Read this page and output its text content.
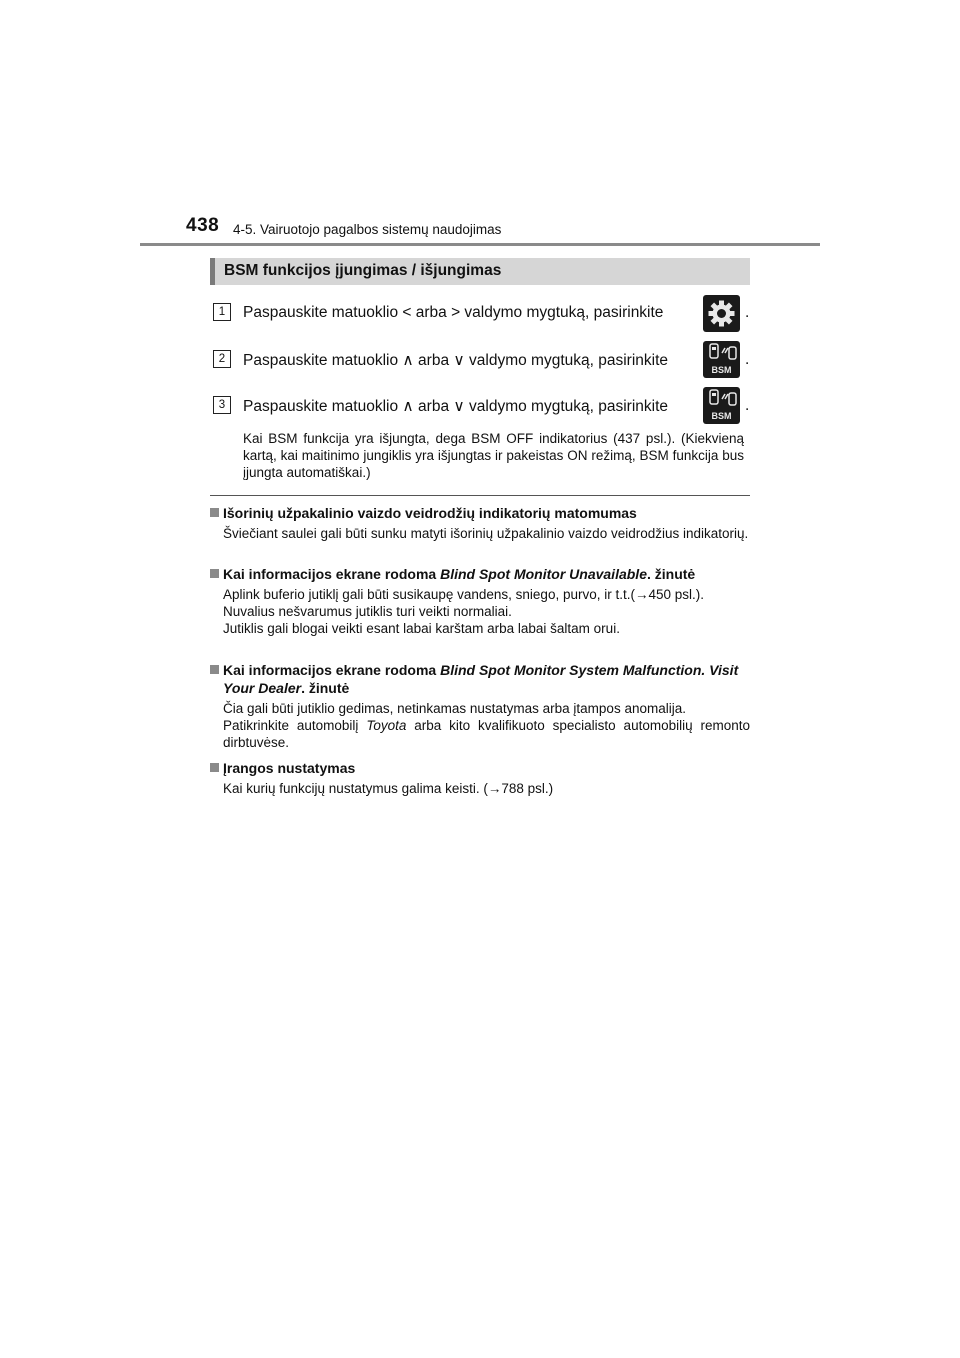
438 4-5. Vairuotojo pagalbos sistemų naudojimas
BSM funkcijos įjungimas / išjungimas
1	Paspauskite matuoklio < arba > valdymo mygtuką, pasirinkite	.
2	Paspauskite matuoklio ∧ arba ∨ valdymo mygtuką, pasirinkite
BSM
.
3	Paspauskite matuoklio ∧ arba ∨ valdymo mygtuką, pasirinkite
BSM
.
Kai BSM funkcija yra išjungta, dega BSM OFF indikatorius (437 psl.). (Kiekvieną kartą, kai maitinimo jungiklis yra išjungtas ir pakeistas ON režimą, BSM funkcija bus įjungta automatiškai.)
Išorinių užpakalinio vaizdo veidrodžių indikatorių matomumas
Šviečiant saulei gali būti sunku matyti išorinių užpakalinio vaizdo veidrodžius indikatorių.
Kai informacijos ekrane rodoma Blind Spot Monitor Unavailable. žinutė
Aplink buferio jutiklį gali būti susikaupę vandens, sniego, purvo, ir t.t.(→450 psl.).
Nuvalius nešvarumus jutiklis turi veikti normaliai.
Jutiklis gali blogai veikti esant labai karštam arba labai šaltam orui.
Kai informacijos ekrane rodoma Blind Spot Monitor System Malfunction. Visit Your Dealer. žinutė
Čia gali būti jutiklio gedimas, netinkamas nustatymas arba įtampos anomalija.
Patikrinkite automobilį Toyota arba kito kvalifikuoto specialisto automobilių remonto dirbtuvėse.
Įrangos nustatymas
Kai kurių funkcijų nustatymus galima keisti. (→788 psl.)
